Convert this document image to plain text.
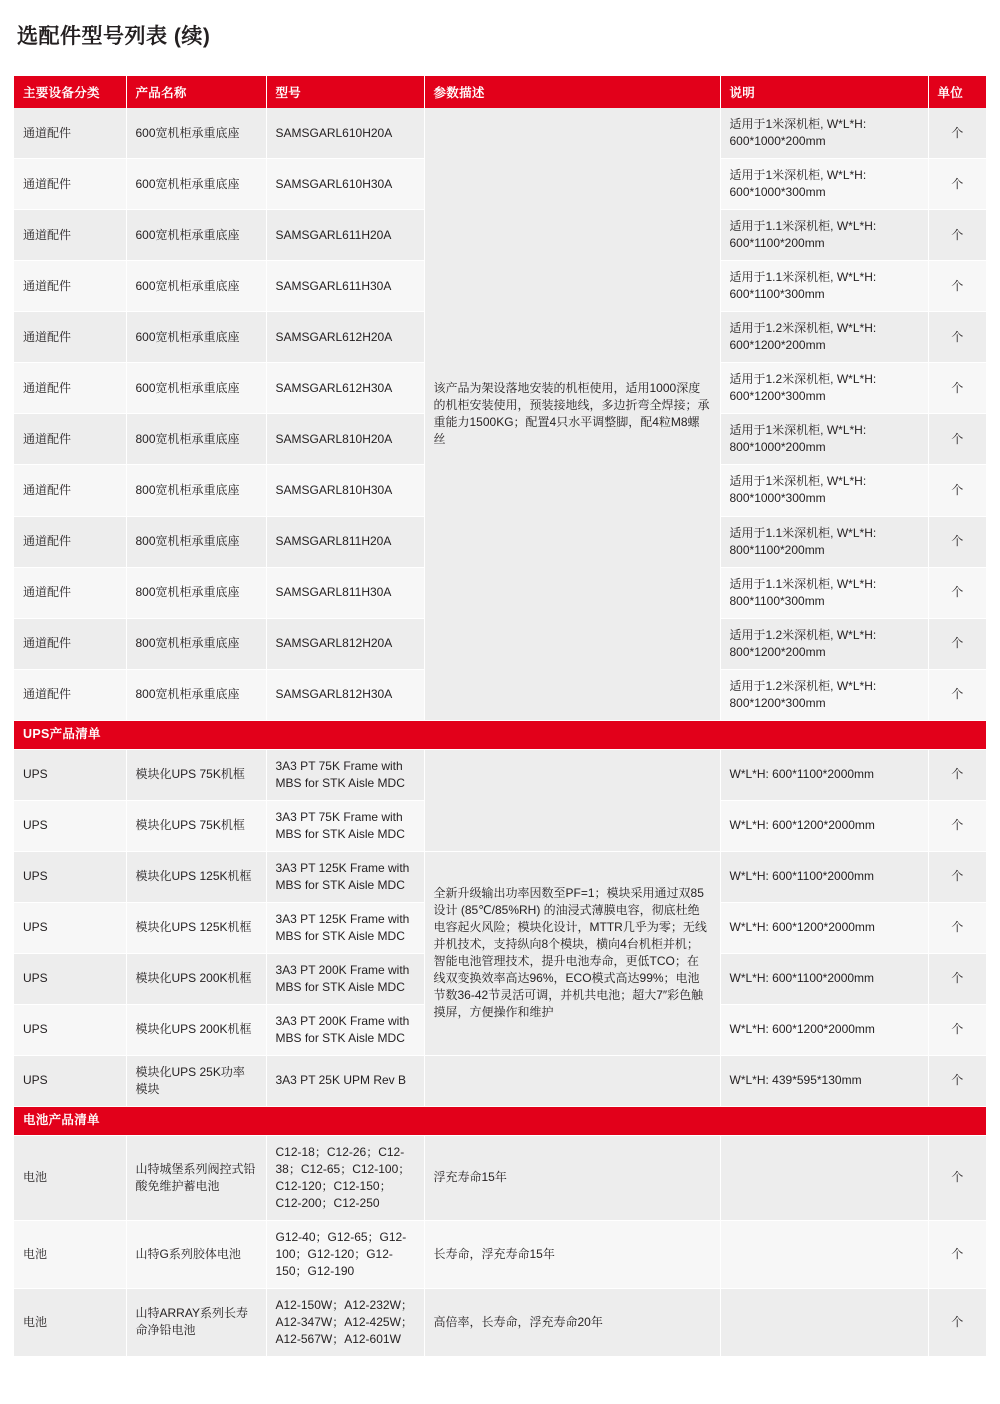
选配件型号列表 (续)
主要设备分类	产品名称	型号	参数描述	说明	单位
通道配件	600宽机柜承重底座	SAMSGARL610H20A	该产品为架设落地安装的机柜使用，适用1000深度的机柜安装使用，预装接地线，多边折弯全焊接；承重能力1500KG；配置4只水平调整脚，配4粒M8螺丝	适用于1米深机柜, W*L*H: 600*1000*200mm	个
通道配件	600宽机柜承重底座	SAMSGARL610H30A		适用于1米深机柜, W*L*H: 600*1000*300mm	个
通道配件	600宽机柜承重底座	SAMSGARL611H20A		适用于1.1米深机柜, W*L*H: 600*1100*200mm	个
通道配件	600宽机柜承重底座	SAMSGARL611H30A		适用于1.1米深机柜, W*L*H: 600*1100*300mm	个
通道配件	600宽机柜承重底座	SAMSGARL612H20A		适用于1.2米深机柜, W*L*H: 600*1200*200mm	个
通道配件	600宽机柜承重底座	SAMSGARL612H30A		适用于1.2米深机柜, W*L*H: 600*1200*300mm	个
通道配件	800宽机柜承重底座	SAMSGARL810H20A		适用于1米深机柜, W*L*H: 800*1000*200mm	个
通道配件	800宽机柜承重底座	SAMSGARL810H30A		适用于1米深机柜, W*L*H: 800*1000*300mm	个
通道配件	800宽机柜承重底座	SAMSGARL811H20A		适用于1.1米深机柜, W*L*H: 800*1100*200mm	个
通道配件	800宽机柜承重底座	SAMSGARL811H30A		适用于1.1米深机柜, W*L*H: 800*1100*300mm	个
通道配件	800宽机柜承重底座	SAMSGARL812H20A		适用于1.2米深机柜, W*L*H: 800*1200*200mm	个
通道配件	800宽机柜承重底座	SAMSGARL812H30A		适用于1.2米深机柜, W*L*H: 800*1200*300mm	个
UPS产品清单					
UPS	模块化UPS 75K机框	3A3 PT 75K Frame with MBS for STK Aisle MDC		W*L*H: 600*1100*2000mm	个
UPS	模块化UPS 75K机框	3A3 PT 75K Frame with MBS for STK Aisle MDC		W*L*H: 600*1200*2000mm	个
UPS	模块化UPS 125K机框	3A3 PT 125K Frame with MBS for STK Aisle MDC	全新升级输出功率因数至PF=1；模块采用通过双85设计 (85℃/85%RH) 的油浸式薄膜电容，彻底杜绝电容起火风险；模块化设计，MTTR几乎为零；无线并机技术，支持纵向8个模块，横向4台机柜并机；智能电池管理技术，提升电池寿命，更低TCO；在线双变换效率高达96%，ECO模式高达99%；电池节数36-42节灵活可调，并机共电池；超大7″彩色触摸屏，方便操作和维护	W*L*H: 600*1100*2000mm	个
UPS	模块化UPS 125K机框	3A3 PT 125K Frame with MBS for STK Aisle MDC		W*L*H: 600*1200*2000mm	个
UPS	模块化UPS 200K机框	3A3 PT 200K Frame with MBS for STK Aisle MDC		W*L*H: 600*1100*2000mm	个
UPS	模块化UPS 200K机框	3A3 PT 200K Frame with MBS for STK Aisle MDC		W*L*H: 600*1200*2000mm	个
UPS	模块化UPS 25K功率模块	3A3 PT 25K UPM Rev B		W*L*H: 439*595*130mm	个
电池产品清单					
电池	山特城堡系列阀控式铅酸免维护蓄电池	C12-18；C12-26；C12-38；C12-65；C12-100；C12-120；C12-150；C12-200；C12-250	浮充寿命15年		个
电池	山特G系列胶体电池	G12-40；G12-65；G12-100；G12-120；G12-150；G12-190	长寿命，浮充寿命15年		个
电池	山特ARRAY系列长寿命净铅电池	A12-150W；A12-232W；A12-347W；A12-425W；A12-567W；A12-601W	高倍率，长寿命，浮充寿命20年		个
